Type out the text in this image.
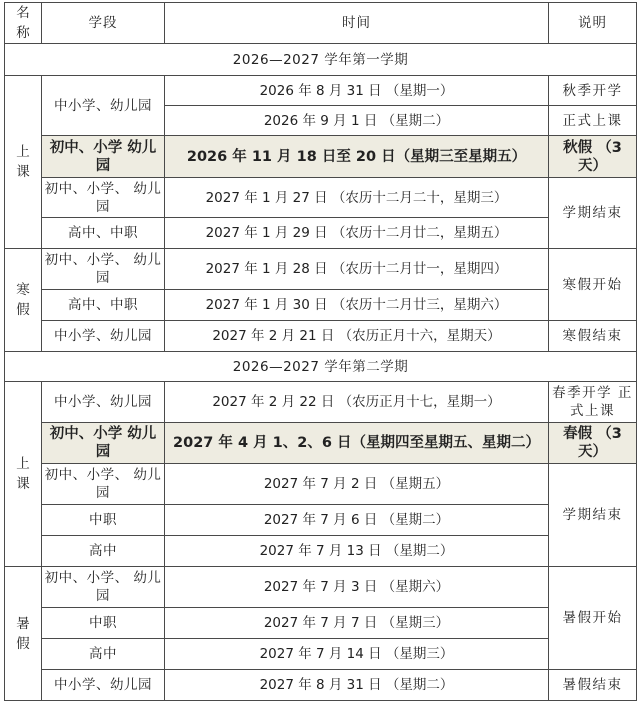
名称	学段	时间	说明
2026—2027 学年第一学期			
上课	中小学、幼儿园	2026 年 8 月 31 日 （星期一）	秋季开学
		2026 年 9 月 1 日 （星期二）	正式上课
	初中、小学 幼儿园	2026 年 11 月 18 日至 20 日（星期三至星期五）	秋假 （3 天）
	初中、小学、 幼儿园	2027 年 1 月 27 日 （农历十二月二十，星期三）	学期结束
	高中、中职	2027 年 1 月 29 日 （农历十二月廿二，星期五）	
寒假	初中、小学、 幼儿园	2027 年 1 月 28 日 （农历十二月廿一，星期四）	寒假开始
	高中、中职	2027 年 1 月 30 日 （农历十二月廿三，星期六）	
	中小学、幼儿园	2027 年 2 月 21 日 （农历正月十六，星期天）	寒假结束
2026—2027 学年第二学期			
上课	中小学、幼儿园	2027 年 2 月 22 日 （农历正月十七，星期一）	春季开学 正式上课
	初中、小学 幼儿园	2027 年 4 月 1、2、6 日（星期四至星期五、星期二）	春假 （3 天）
	初中、小学、 幼儿园	2027 年 7 月 2 日 （星期五）	学期结束
	中职	2027 年 7 月 6 日 （星期二）	
	高中	2027 年 7 月 13 日 （星期二）	
暑假	初中、小学、 幼儿园	2027 年 7 月 3 日 （星期六）	暑假开始
	中职	2027 年 7 月 7 日 （星期三）	
	高中	2027 年 7 月 14 日 （星期三）	
	中小学、幼儿园	2027 年 8 月 31 日 （星期二）	暑假结束
